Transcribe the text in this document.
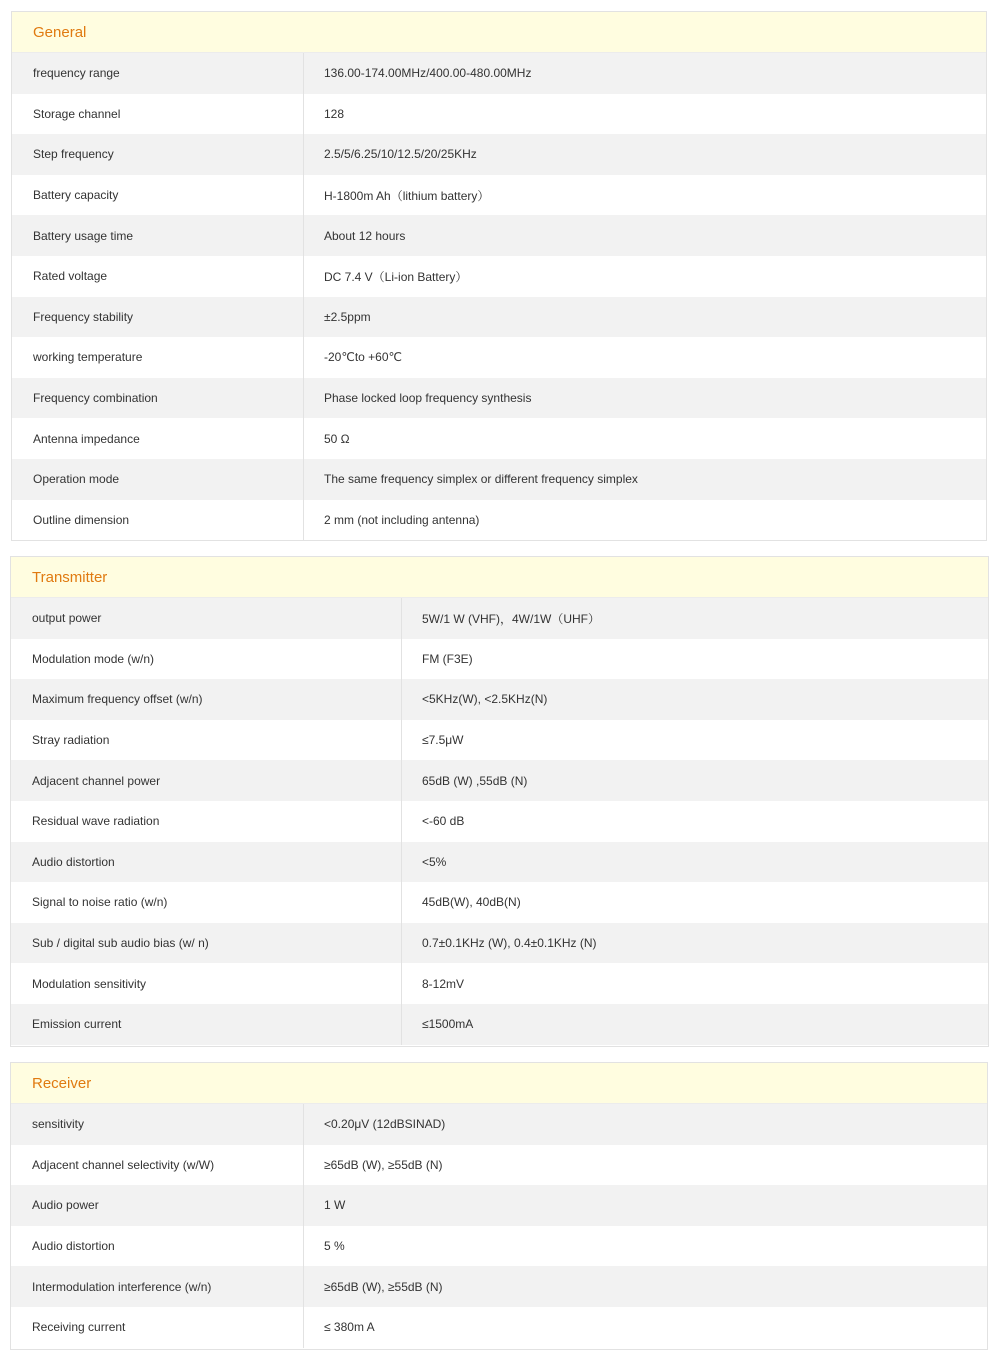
General
frequency range	136.00-174.00MHz/400.00-480.00MHz
Storage channel	128
Step frequency	2.5/5/6.25/10/12.5/20/25KHz
Battery capacity	H-1800m Ah（lithium battery）
Battery usage time	About 12 hours
Rated voltage	DC 7.4 V（Li-ion Battery）
Frequency stability	±2.5ppm
working temperature	-20℃to +60℃
Frequency combination	Phase locked loop frequency synthesis
Antenna impedance	50 Ω
Operation mode	The same frequency simplex or different frequency simplex
Outline dimension	2 mm (not including antenna)
Transmitter
output power	5W/1 W (VHF)，4W/1W（UHF）
Modulation mode (w/n)	FM (F3E)
Maximum frequency offset (w/n)	<5KHz(W), <2.5KHz(N)
Stray radiation	≤7.5μW
Adjacent channel power	65dB (W) ,55dB (N)
Residual wave radiation	<-60 dB
Audio distortion	<5%
Signal to noise ratio (w/n)	45dB(W), 40dB(N)
Sub / digital sub audio bias (w/ n)	0.7±0.1KHz (W), 0.4±0.1KHz (N)
Modulation sensitivity	8-12mV
Emission current	≤1500mA
Receiver
sensitivity	<0.20μV (12dBSINAD)
Adjacent channel selectivity (w/W)	≥65dB (W), ≥55dB (N)
Audio power	1 W
Audio distortion	5 %
Intermodulation interference (w/n)	≥65dB (W), ≥55dB (N)
Receiving current	≤ 380m A
